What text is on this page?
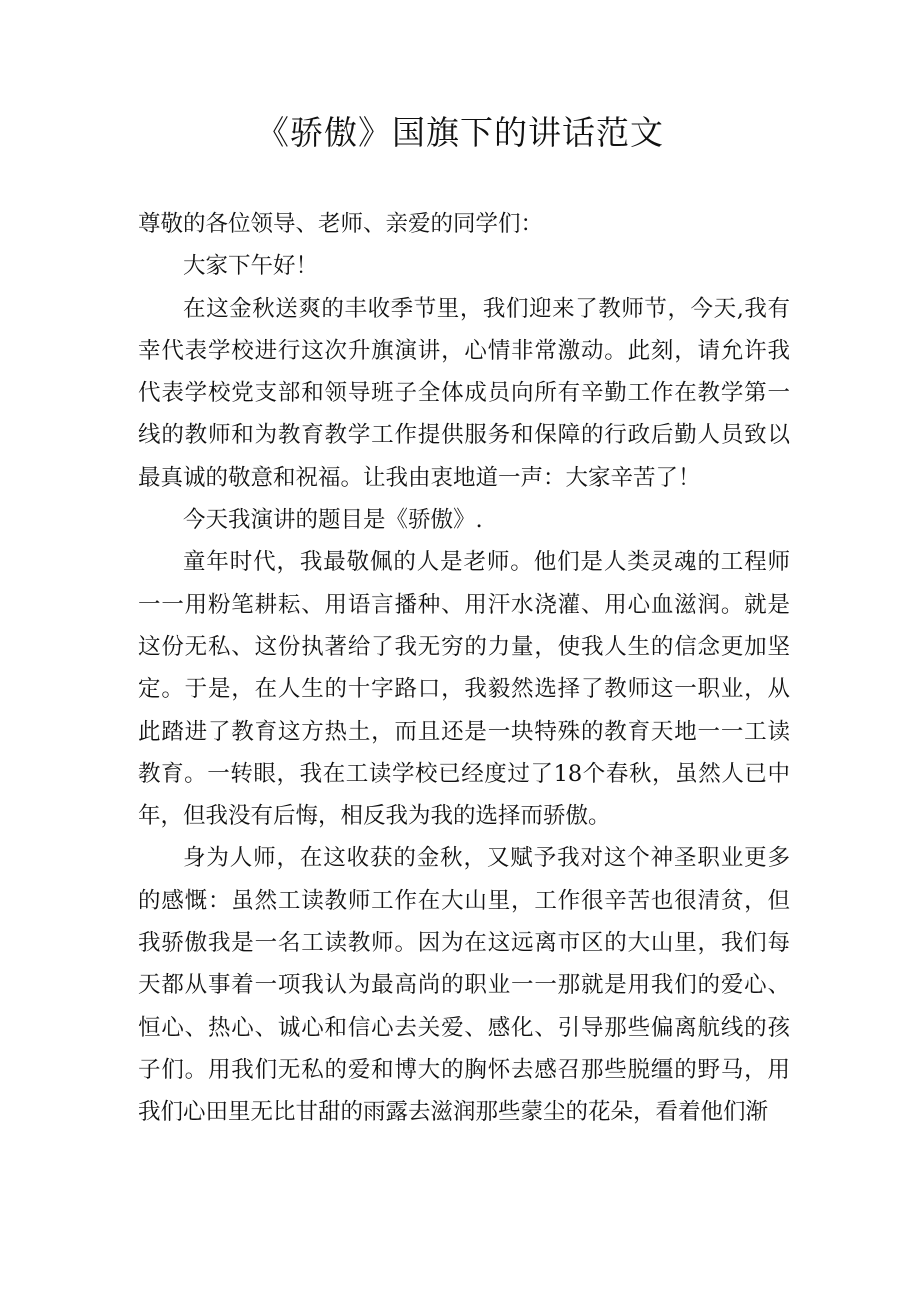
《骄傲》国旗下的讲话范文

尊敬的各位领导、老师、亲爱的同学们：

大家下午好！

在这金秋送爽的丰收季节里，我们迎来了教师节，今天,我有幸代表学校进行这次升旗演讲，心情非常激动。此刻，请允许我代表学校党支部和领导班子全体成员向所有辛勤工作在教学第一线的教师和为教育教学工作提供服务和保障的行政后勤人员致以最真诚的敬意和祝福。让我由衷地道一声：大家辛苦了！

今天我演讲的题目是《骄傲》.

童年时代，我最敬佩的人是老师。他们是人类灵魂的工程师一一用粉笔耕耘、用语言播种、用汗水浇灌、用心血滋润。就是这份无私、这份执著给了我无穷的力量，使我人生的信念更加坚定。于是，在人生的十字路口，我毅然选择了教师这一职业，从此踏进了教育这方热土，而且还是一块特殊的教育天地一一工读教育。一转眼，我在工读学校已经度过了18个春秋，虽然人已中年，但我没有后悔，相反我为我的选择而骄傲。

身为人师，在这收获的金秋，又赋予我对这个神圣职业更多的感慨：虽然工读教师工作在大山里，工作很辛苦也很清贫，但我骄傲我是一名工读教师。因为在这远离市区的大山里，我们每天都从事着一项我认为最高尚的职业一一那就是用我们的爱心、恒心、热心、诚心和信心去关爱、感化、引导那些偏离航线的孩子们。用我们无私的爱和博大的胸怀去感召那些脱缰的野马，用我们心田里无比甘甜的雨露去滋润那些蒙尘的花朵，看着他们渐
